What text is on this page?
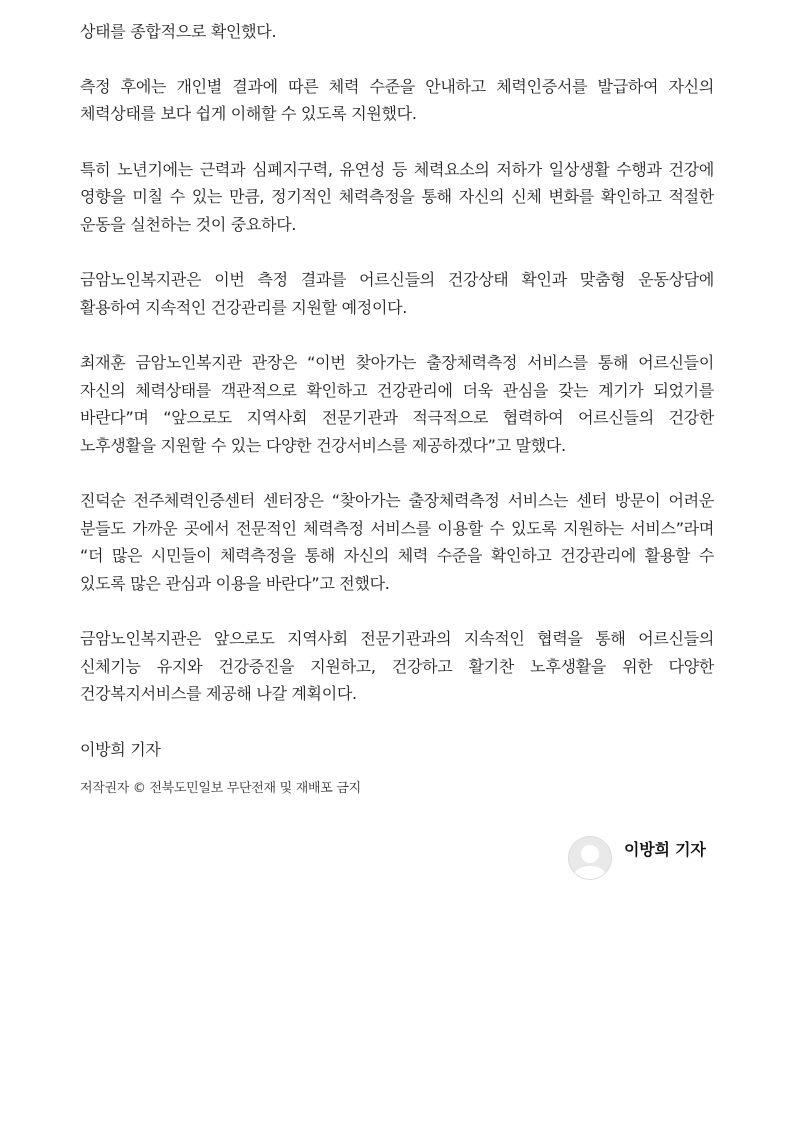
상태를 종합적으로 확인했다.

측정 후에는 개인별 결과에 따른 체력 수준을 안내하고 체력인증서를 발급하여 자신의 체력상태를 보다 쉽게 이해할 수 있도록 지원했다.

특히 노년기에는 근력과 심폐지구력, 유연성 등 체력요소의 저하가 일상생활 수행과 건강에 영향을 미칠 수 있는 만큼, 정기적인 체력측정을 통해 자신의 신체 변화를 확인하고 적절한 운동을 실천하는 것이 중요하다.

금암노인복지관은 이번 측정 결과를 어르신들의 건강상태 확인과 맞춤형 운동상담에 활용하여 지속적인 건강관리를 지원할 예정이다.

최재훈 금암노인복지관 관장은 “이번 찾아가는 출장체력측정 서비스를 통해 어르신들이 자신의 체력상태를 객관적으로 확인하고 건강관리에 더욱 관심을 갖는 계기가 되었기를 바란다”며 “앞으로도 지역사회 전문기관과 적극적으로 협력하여 어르신들의 건강한 노후생활을 지원할 수 있는 다양한 건강서비스를 제공하겠다”고 말했다.

진덕순 전주체력인증센터 센터장은 “찾아가는 출장체력측정 서비스는 센터 방문이 어려운 분들도 가까운 곳에서 전문적인 체력측정 서비스를 이용할 수 있도록 지원하는 서비스”라며 “더 많은 시민들이 체력측정을 통해 자신의 체력 수준을 확인하고 건강관리에 활용할 수 있도록 많은 관심과 이용을 바란다”고 전했다.

금암노인복지관은 앞으로도 지역사회 전문기관과의 지속적인 협력을 통해 어르신들의 신체기능 유지와 건강증진을 지원하고, 건강하고 활기찬 노후생활을 위한 다양한 건강복지서비스를 제공해 나갈 계획이다.

이방희 기자

저작권자 © 전북도민일보 무단전재 및 재배포 금지

이방희 기자
